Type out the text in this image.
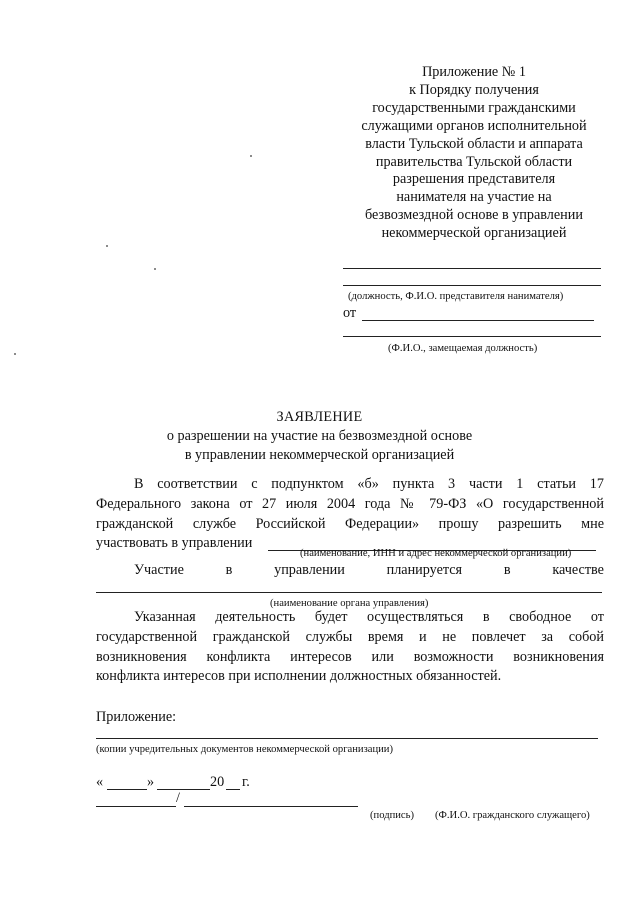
Приложение № 1
к Порядку получения
государственными гражданскими
служащими органов исполнительной
власти Тульской области и аппарата
правительства Тульской области
разрешения представителя
нанимателя на участие на
безвозмездной основе в управлении
некоммерческой организацией
(должность, Ф.И.О. представителя нанимателя)
от
(Ф.И.О., замещаемая должность)
ЗАЯВЛЕНИЕ
о разрешении на участие на безвозмездной основе
в управлении некоммерческой организацией
В соответствии с подпунктом «б» пункта 3 части 1 статьи 17
Федерального закона от 27 июля 2004 года № 79-ФЗ «О государственной
гражданской службе Российской Федерации» прошу разрешить мне
участвовать в управлении
(наименование, ИНН и адрес некоммерческой организации)
Участие	в	управлении	планируется	в	качестве
(наименование органа управления)
Указанная деятельность будет осуществляться в свободное от
государственной гражданской службы время и не повлечет за собой
возникновения конфликта интересов или возможности возникновения
конфликта интересов при исполнении должностных обязанностей.
Приложение:
(копии учредительных документов некоммерческой организации)
«	»	20 г.
/
(подпись) (Ф.И.О. гражданского служащего)
